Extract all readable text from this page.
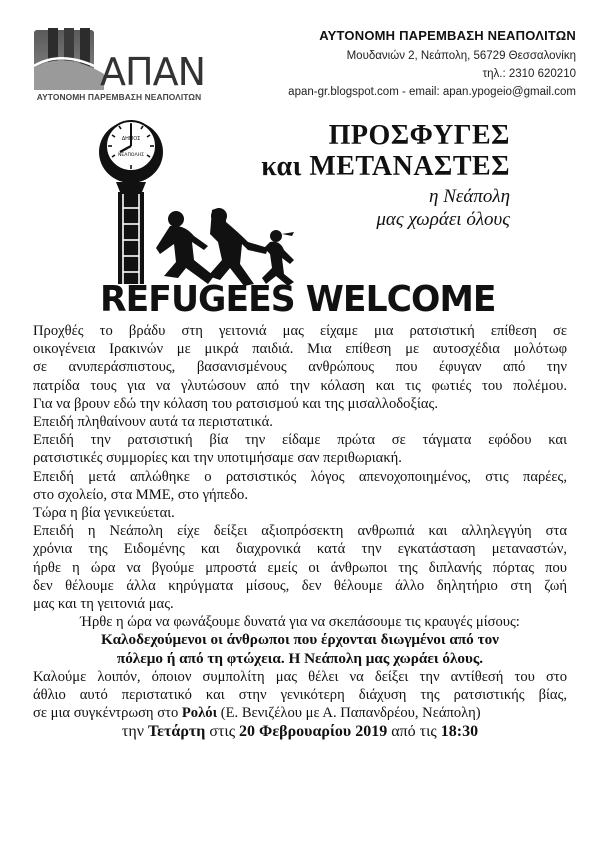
ΑΠΑΝ
ΑΥΤΟΝΟΜΗ ΠΑΡΕΜΒΑΣΗ ΝΕΑΠΟΛΙΤΩΝ
ΑΥΤΟΝΟΜΗ ΠΑΡΕΜΒΑΣΗ ΝΕΑΠΟΛΙΤΩΝ
Μουδανιών 2, Νεάπολη, 56729 Θεσσαλονίκη
τηλ.: 2310 620210
apan-gr.blogspot.com - email: apan.ypogeio@gmail.com
ΔΗΜΟΣ
ΝΕΑΠΟΛΗΣ
ΠΡΟΣΦΥΓΕΣ
και ΜΕΤΑΝΑΣΤΕΣ
η Νεάπολη
μας χωράει όλους
REFUGEES WELCOME

Προχθές το βράδυ στη γειτονιά μας είχαμε μια ρατσιστική επίθεση σε

οικογένεια Ιρακινών με μικρά παιδιά. Μια επίθεση με αυτοσχέδια μολότωφ

σε ανυπεράσπιστους, βασανισμένους ανθρώπους που έφυγαν από την

πατρίδα τους για να γλυτώσουν από την κόλαση και τις φωτιές του πολέμου.

Για να βρουν εδώ την κόλαση του ρατσισμού και της μισαλλοδοξίας.

Επειδή πληθαίνουν αυτά τα περιστατικά.

Επειδή την ρατσιστική βία την είδαμε πρώτα σε τάγματα εφόδου και

ρατσιστικές συμμορίες και την υποτιμήσαμε σαν περιθωριακή.

Επειδή μετά απλώθηκε ο ρατσιστικός λόγος απενοχοποιημένος, στις παρέες,

στο σχολείο, στα ΜΜΕ, στο γήπεδο.

Τώρα η βία γενικεύεται.

Επειδή η Νεάπολη είχε δείξει αξιοπρόσεκτη ανθρωπιά και αλληλεγγύη στα

χρόνια της Ειδομένης και διαχρονικά κατά την εγκατάσταση μεταναστών,

ήρθε η ώρα να βγούμε μπροστά εμείς οι άνθρωποι της διπλανής πόρτας που

δεν θέλουμε άλλα κηρύγματα μίσους, δεν θέλουμε άλλο δηλητήριο στη ζωή

μας και τη γειτονιά μας.

Ήρθε η ώρα να φωνάξουμε δυνατά για να σκεπάσουμε τις κραυγές μίσους:

Καλοδεχούμενοι οι άνθρωποι που έρχονται διωγμένοι από τον

πόλεμο ή από τη φτώχεια. Η Νεάπολη μας χωράει όλους.

Καλούμε λοιπόν, όποιον συμπολίτη μας θέλει να δείξει την αντίθεσή του στο

άθλιο αυτό περιστατικό και στην γενικότερη διάχυση της ρατσιστικής βίας,

σε μια συγκέντρωση στο Ρολόι (Ε. Βενιζέλου με Α. Παπανδρέου, Νεάπολη)

την Τετάρτη στις 20 Φεβρουαρίου 2019 από τις 18:30
